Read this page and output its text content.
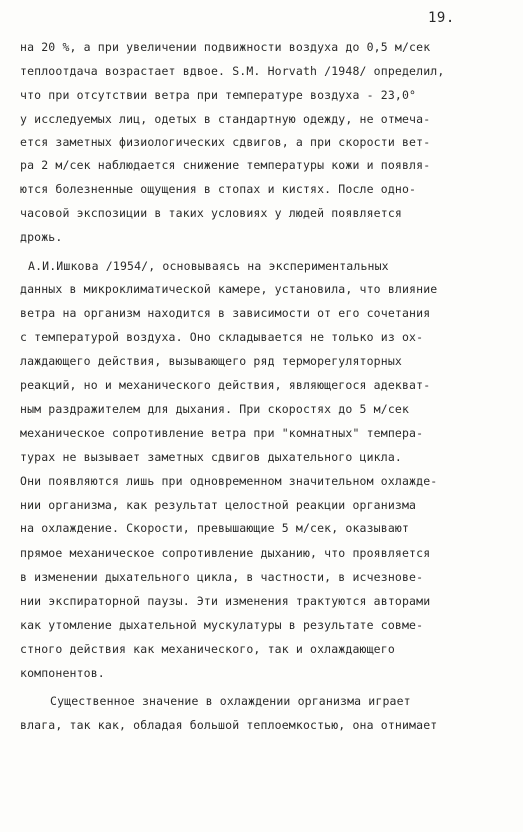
19.
на 20 %, а при увеличении подвижности воздуха до 0,5 м/сек
теплоотдача возрастает вдвое. S.M. Horvath /1948/ определил,
что при отсутствии ветра при температуре воздуха - 23,0°
у исследуемых лиц, одетых в стандартную одежду, не отмеча-
ется заметных физиологических сдвигов, а при скорости вет-
ра 2 м/сек наблюдается снижение температуры кожи и появля-
ются болезненные ощущения в стопах и кистях. После одно-
часовой экспозиции в таких условиях у людей появляется
дрожь.
А.И.Ишкова /1954/, основываясь на экспериментальных
данных в микроклиматической камере, установила, что влияние
ветра на организм находится в зависимости от его сочетания
с температурой воздуха. Оно складывается не только из ох-
лаждающего действия, вызывающего ряд терморегуляторных
реакций, но и механического действия, являющегося адекват-
ным раздражителем для дыхания. При скоростях до 5 м/сек
механическое сопротивление ветра при "комнатных" темпера-
турах не вызывает заметных сдвигов дыхательного цикла.
Они появляются лишь при одновременном значительном охлажде-
нии организма, как результат целостной реакции организма
на охлаждение. Скорости, превышающие 5 м/сек, оказывают
прямое механическое сопротивление дыханию, что проявляется
в изменении дыхательного цикла, в частности, в исчезнове-
нии экспираторной паузы. Эти изменения трактуются авторами
как утомление дыхательной мускулатуры в результате совме-
стного действия как механического, так и охлаждающего
компонентов.
Существенное значение в охлаждении организма играет
влага, так как, обладая большой теплоемкостью, она отнимает
